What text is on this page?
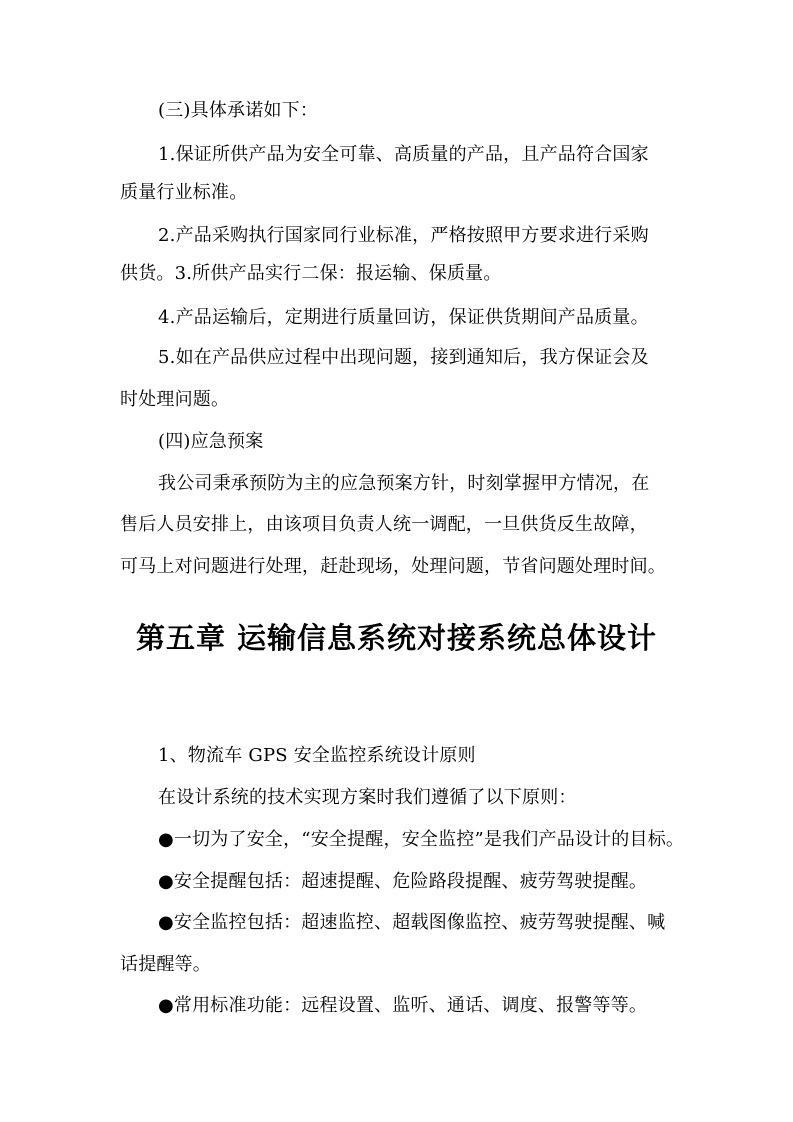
(三)具体承诺如下：
1.保证所供产品为安全可靠、高质量的产品，且产品符合国家
质量行业标准。
2.产品采购执行国家同行业标准，严格按照甲方要求进行采购
供货。3.所供产品实行二保：报运输、保质量。
4.产品运输后，定期进行质量回访，保证供货期间产品质量。
5.如在产品供应过程中出现问题，接到通知后，我方保证会及
时处理问题。
(四)应急预案
我公司秉承预防为主的应急预案方针，时刻掌握甲方情况，在
售后人员安排上，由该项目负责人统一调配，一旦供货反生故障，
可马上对问题进行处理，赶赴现场，处理问题，节省问题处理时间。
第五章 运输信息系统对接系统总体设计
1、物流车 GPS 安全监控系统设计原则
在设计系统的技术实现方案时我们遵循了以下原则：
●一切为了安全，“安全提醒，安全监控”是我们产品设计的目标。
●安全提醒包括：超速提醒、危险路段提醒、疲劳驾驶提醒。
●安全监控包括：超速监控、超载图像监控、疲劳驾驶提醒、喊
话提醒等。
●常用标准功能：远程设置、监听、通话、调度、报警等等。
